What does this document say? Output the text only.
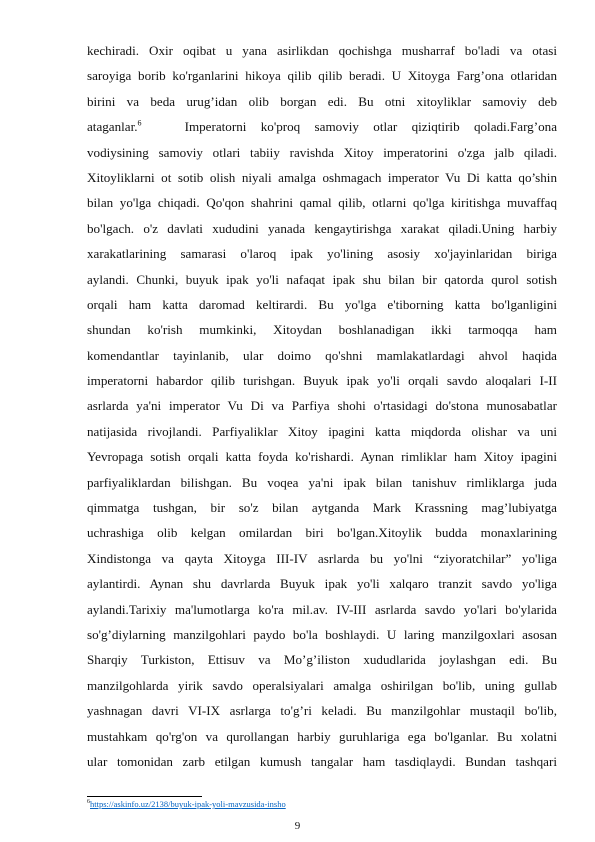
kechiradi. Oxir oqibat u yana asirlikdan qochishga musharraf bo'ladi va otasi
saroyiga borib ko'rganlarini hikoya qilib qilib beradi. U Xitoyga Farg’ona otlaridan
birini va beda urug’idan olib borgan edi. Bu otni xitoyliklar samoviy deb
ataganlar.$^6$	Imperatorni ko'proq samoviy otlar qiziqtirib qoladi.Farg’ona
vodiysining samoviy otlari tabiiy ravishda Xitoy imperatorini o'zga jalb qiladi.
Xitoyliklarni ot sotib olish niyali amalga oshmagach imperator Vu Di katta qo’shin
bilan yo'lga chiqadi. Qo'qon shahrini qamal qilib, otlarni qo'lga kiritishga muvaffaq
bo'lgach. o'z davlati xududini yanada kengaytirishga xarakat qiladi.Uning harbiy
xarakatlarining samarasi o'laroq ipak yo'lining asosiy xo'jayinlaridan biriga
aylandi. Chunki, buyuk ipak yo'li nafaqat ipak shu bilan bir qatorda qurol sotish
orqali ham katta daromad keltirardi. Bu yo'lga e'tiborning katta bo'lganligini
shundan ko'rish mumkinki, Xitoydan boshlanadigan ikki tarmoqqa ham
komendantlar tayinlanib, ular doimo qo'shni mamlakatlardagi ahvol haqida
imperatorni habardor qilib turishgan. Buyuk ipak yo'li orqali savdo aloqalari I-II
asrlarda ya'ni imperator Vu Di va Parfiya shohi o'rtasidagi do'stona munosabatlar
natijasida rivojlandi. Parfiyaliklar Xitoy ipagini katta miqdorda olishar va uni
Yevropaga sotish orqali katta foyda ko'rishardi. Aynan rimliklar ham Xitoy ipagini
parfiyaliklardan bilishgan. Bu voqea ya'ni ipak bilan tanishuv rimliklarga juda
qimmatga tushgan, bir so'z bilan aytganda Mark Krassning mag’lubiyatga
uchrashiga olib kelgan omilardan biri bo'lgan.Xitoylik budda monaxlarining
Xindistonga va qayta Xitoyga III-IV asrlarda bu yo'lni “ziyoratchilar” yo'liga
aylantirdi. Aynan shu davrlarda Buyuk ipak yo'li xalqaro tranzit savdo yo'liga
aylandi.Tarixiy ma'lumotlarga ko'ra mil.av. IV-III asrlarda savdo yo'lari bo'ylarida
so'g’diylarning manzilgohlari paydo bo'la boshlaydi. U laring manzilgoxlari asosan
Sharqiy Turkiston, Ettisuv va Mo’g’iliston xududlarida joylashgan edi. Bu
manzilgohlarda yirik savdo operalsiyalari amalga oshirilgan bo'lib, uning gullab
yashnagan davri VI-IX asrlarga to'g’ri keladi. Bu manzilgohlar mustaqil bo'lib,
mustahkam qo'rg'on va qurollangan harbiy guruhlariga ega bo'lganlar. Bu xolatni
ular tomonidan zarb etilgan kumush tangalar ham tasdiqlaydi. Bundan tashqari
$^6$https://askinfo.uz/2138/buyuk-ipak-yoli-mavzusida-insho
9
